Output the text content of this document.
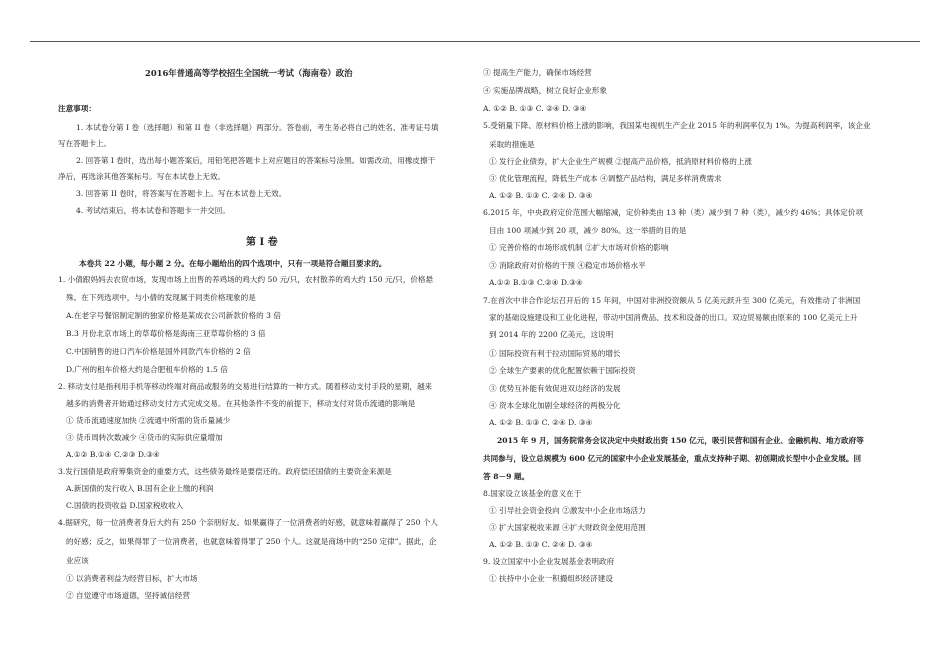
2016年普通高等学校招生全国统一考试（海南卷）政治
注意事项：
1. 本试卷分第 I 卷（选择题）和第 II 卷（非选择题）两部分。答卷前，考生务必将自己的姓名、准考证号填
写在答题卡上。
2. 回答第 I 卷时，选出每小题答案后，用铅笔把答题卡上对应题目的答案标号涂黑。如需改动，用橡皮擦干
净后，再选涂其他答案标号。写在本试卷上无效。
3. 回答第 II 卷时，将答案写在答题卡上。写在本试卷上无效。
4. 考试结束后，将本试卷和答题卡一并交回。
第 I 卷
本卷共 22 小题，每小题 2 分。在每小题给出的四个选项中，只有一项是符合题目要求的。
1. 小倩跟妈妈去农贸市场，发现市场上出售的养鸡场的鸡大约 50 元/只，农村散养的鸡大约 150 元/只，价格悬
殊。在下列选项中，与小倩的发现属于同类价格现象的是
A.在老字号餐馆制定制的独家价格是某成衣公司新款价格的 3 倍
B.3 月份北京市场上的草莓价格是海南三亚草莓价格的 3 倍
C.中国销售的进口汽车价格是国外同款汽车价格的 2 倍
D.广州的租车价格大约是合肥租车价格的 1.5 倍
2. 移动支付是指利用手机等移动终端对商品或服务的交易进行结算的一种方式。随着移动支付手段的星期，越来
越多的消费者开始通过移动支付方式完成交易。在其他条件不变的前提下，移动支付对货币流通的影响是
① 货币流通速度加快 ②流通中所需的货币量减少
③ 货币周转次数减少 ④货币的实际供应量增加
A.①② B.①④ C.②③ D.③④
3.发行国债是政府筹集资金的重要方式，这些债务最终是要偿还的。政府偿还国债的主要资金来源是
A.新国债的发行收入 B.国有企业上缴的利润
C.国债的投资收益 D.国家税收收入
4.据研究，每一位消费者身后大约有 250 个亲朋好友。如果赢得了一位消费者的好感，就意味着赢得了 250 个人
的好感；反之，如果得罪了一位消费者，也就意味着得罪了 250 个人。这就是商场中的“250 定律”。据此，企
业应该
① 以消费者利益为经营目标，扩大市场
② 自觉遵守市场道德，坚持诚信经营
③ 提高生产能力，确保市场经营
④ 实施品牌战略，树立良好企业形象
A. ①② B. ①③ C. ②④ D. ③④
5.受销量下降、原材料价格上涨的影响，我国某电视机生产企业 2015 年的利润率仅为 1%。为提高利润率，该企业
采取的措施是
① 发行企业债券，扩大企业生产规模 ②提高产品价格，抵消原材料价格的上涨
③ 优化管理流程，降低生产成本 ④调整产品结构，满足多样消费需求
A. ①② B. ①③ C. ②④ D. ③④
6.2015 年，中央政府定价范围大幅缩减，定价种类由 13 种（类）减少到 7 种（类），减少约 46%；具体定价项
目由 100 项减少到 20 项，减少 80%。这一举措的目的是
① 完善价格的市场形成机制 ②扩大市场对价格的影响
③ 消除政府对价格的干预 ④稳定市场价格水平
A.①② B.①③ C.②④ D.③④
7.在首次中非合作论坛召开后的 15 年间，中国对非洲投资额从 5 亿美元跃升至 300 亿美元，有效推动了非洲国
家的基础设施建设和工业化进程，带动中国消费品、技术和设备的出口。双边贸易额由原来的 100 亿美元上升
到 2014 年的 2200 亿美元，这说明
① 国际投资有利于拉动国际贸易的增长
② 全球生产要素的优化配置依赖于国际投资
③ 优势互补能有效促进双边经济的发展
④ 资本全球化加剧全球经济的两极分化
A. ①② B. ①③ C. ②④ D. ③④
2015 年 9 月，国务院常务会议决定中央财政出资 150 亿元，吸引民营和国有企业、金融机构、地方政府等
共同参与，设立总规模为 600 亿元的国家中小企业发展基金，重点支持种子期、初创期成长型中小企业发展。回
答 8－9 题。
8.国家设立该基金的意义在于
① 引导社会资金投向 ②激发中小企业市场活力
③ 扩大国家税收来源 ④扩大财政资金使用范围
A. ①② B. ①③ C. ②④ D. ③④
9. 设立国家中小企业发展基金表明政府
① 扶持中小企业一积撮组织经济建设
